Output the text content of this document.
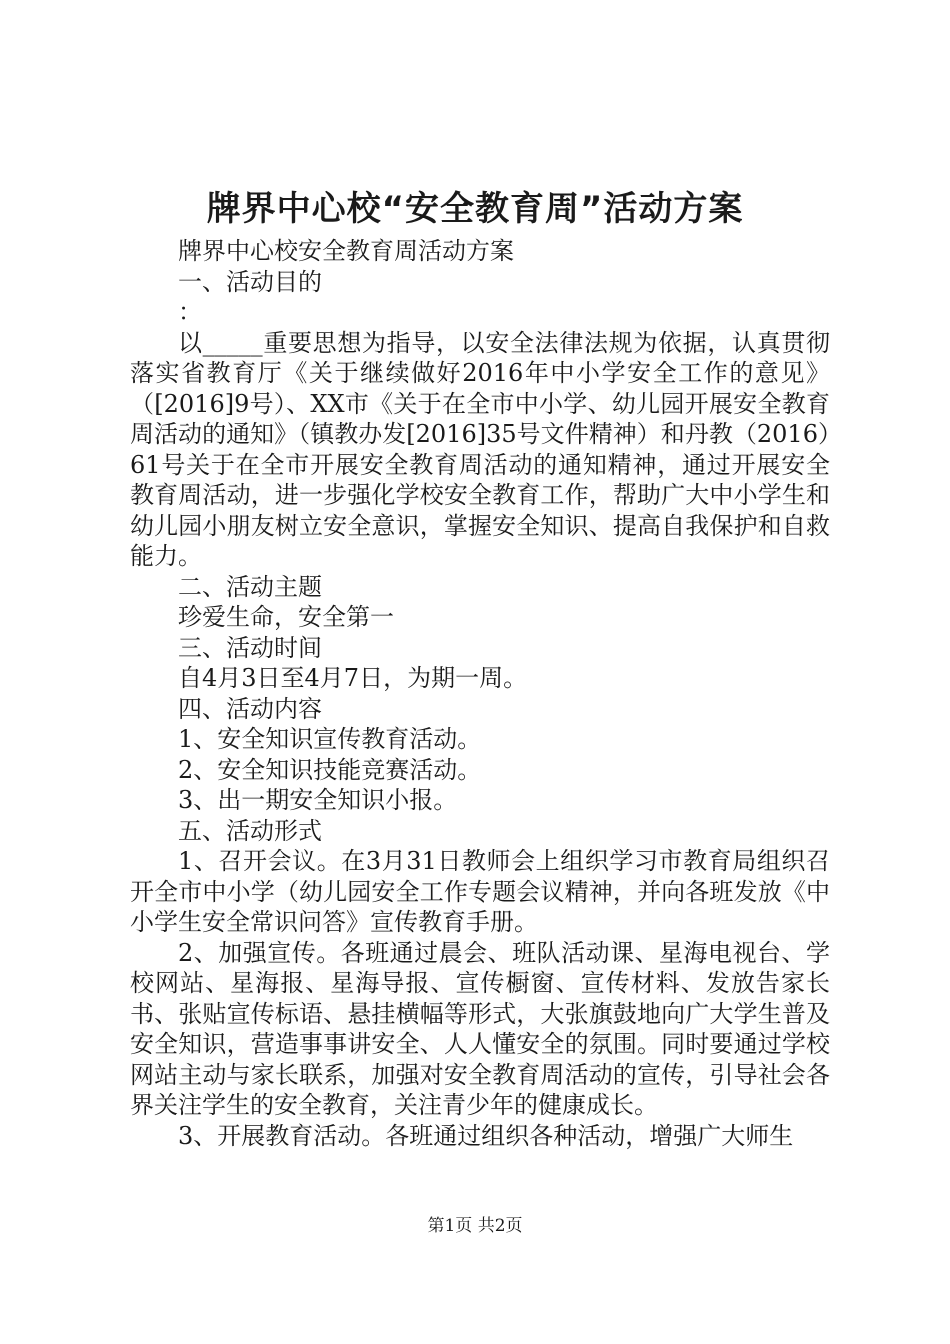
牌界中心校“安全教育周”活动方案

牌界中心校安全教育周活动方案

一、活动目的

：

以_____重要思想为指导，以安全法律法规为依据，认真贯彻落实省教育厅《关于继续做好2016年中小学安全工作的意见》（[2016]9号）、XX市《关于在全市中小学、幼儿园开展安全教育周活动的通知》（镇教办发[2016]35号文件精神）和丹教（2016）61号关于在全市开展安全教育周活动的通知精神，通过开展安全教育周活动，进一步强化学校安全教育工作，帮助广大中小学生和幼儿园小朋友树立安全意识，掌握安全知识、提高自我保护和自救能力。

二、活动主题

珍爱生命，安全第一

三、活动时间

自4月3日至4月7日，为期一周。

四、活动内容

1、安全知识宣传教育活动。

2、安全知识技能竞赛活动。

3、出一期安全知识小报。

五、活动形式

1、召开会议。在3月31日教师会上组织学习市教育局组织召开全市中小学（幼儿园安全工作专题会议精神，并向各班发放《中小学生安全常识问答》宣传教育手册。

2、加强宣传。各班通过晨会、班队活动课、星海电视台、学校网站、星海报、星海导报、宣传橱窗、宣传材料、发放告家长书、张贴宣传标语、悬挂横幅等形式，大张旗鼓地向广大学生普及安全知识，营造事事讲安全、人人懂安全的氛围。同时要通过学校网站主动与家长联系，加强对安全教育周活动的宣传，引导社会各界关注学生的安全教育，关注青少年的健康成长。

3、开展教育活动。各班通过组织各种活动，增强广大师生

第1页 共2页
